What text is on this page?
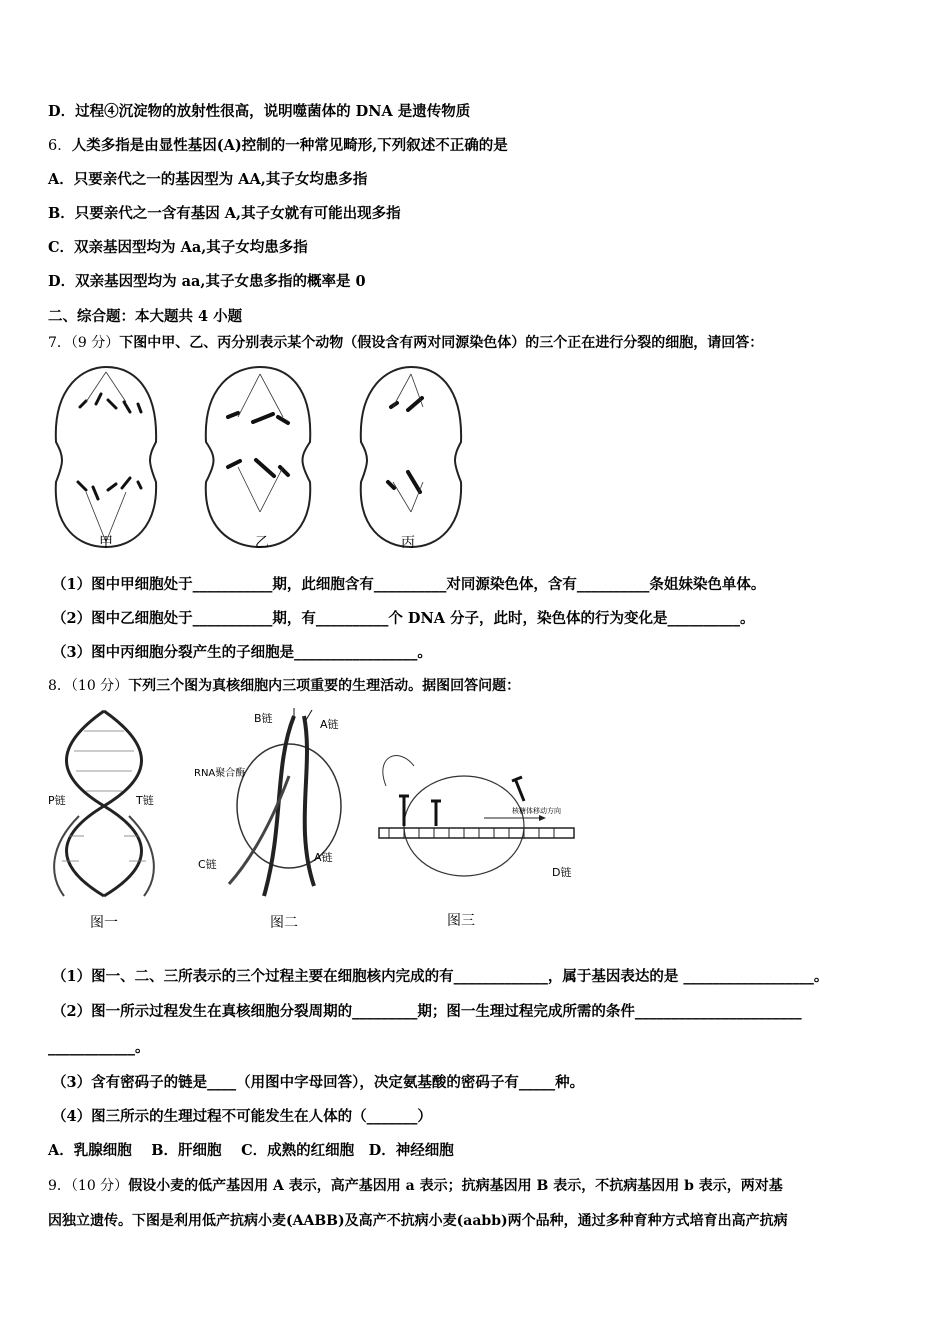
D．过程④沉淀物的放射性很高，说明噬菌体的 DNA 是遗传物质
6．人类多指是由显性基因(A)控制的一种常见畸形,下列叙述不正确的是
A．只要亲代之一的基因型为 AA,其子女均患多指
B．只要亲代之一含有基因 A,其子女就有可能出现多指
C．双亲基因型均为 Aa,其子女均患多指
D．双亲基因型均为 aa,其子女患多指的概率是 0
二、综合题：本大题共 4 小题
7．（9 分）下图中甲、乙、丙分别表示某个动物（假设含有两对同源染色体）的三个正在进行分裂的细胞，请回答：
甲	乙	丙
（1）图中甲细胞处于___________期，此细胞含有__________对同源染色体，含有__________条姐妹染色单体。
（2）图中乙细胞处于___________期，有__________个 DNA 分子，此时，染色体的行为变化是__________。
（3）图中丙细胞分裂产生的子细胞是_________________。
8．（10 分）下列三个图为真核细胞内三项重要的生理活动。据图回答问题：
P链	T链
B链	A链
RNA聚合酶
C链
A链
核糖体移动方向
D链
图一	图二	图三
（1）图一、二、三所表示的三个过程主要在细胞核内完成的有_____________，属于基因表达的是 __________________。
（2）图一所示过程发生在真核细胞分裂周期的_________期；图一生理过程完成所需的条件_______________________
____________。
（3）含有密码子的链是____（用图中字母回答），决定氨基酸的密码子有_____种。
（4）图三所示的生理过程不可能发生在人体的（_______）
A．乳腺细胞　 B．肝细胞　 C．成熟的红细胞　D．神经细胞
9．（10 分）假设小麦的低产基因用 A 表示，高产基因用 a 表示；抗病基因用 B 表示，不抗病基因用 b 表示，两对基
因独立遗传。下图是利用低产抗病小麦(AABB)及高产不抗病小麦(aabb)两个品种，通过多种育种方式培育出高产抗病
